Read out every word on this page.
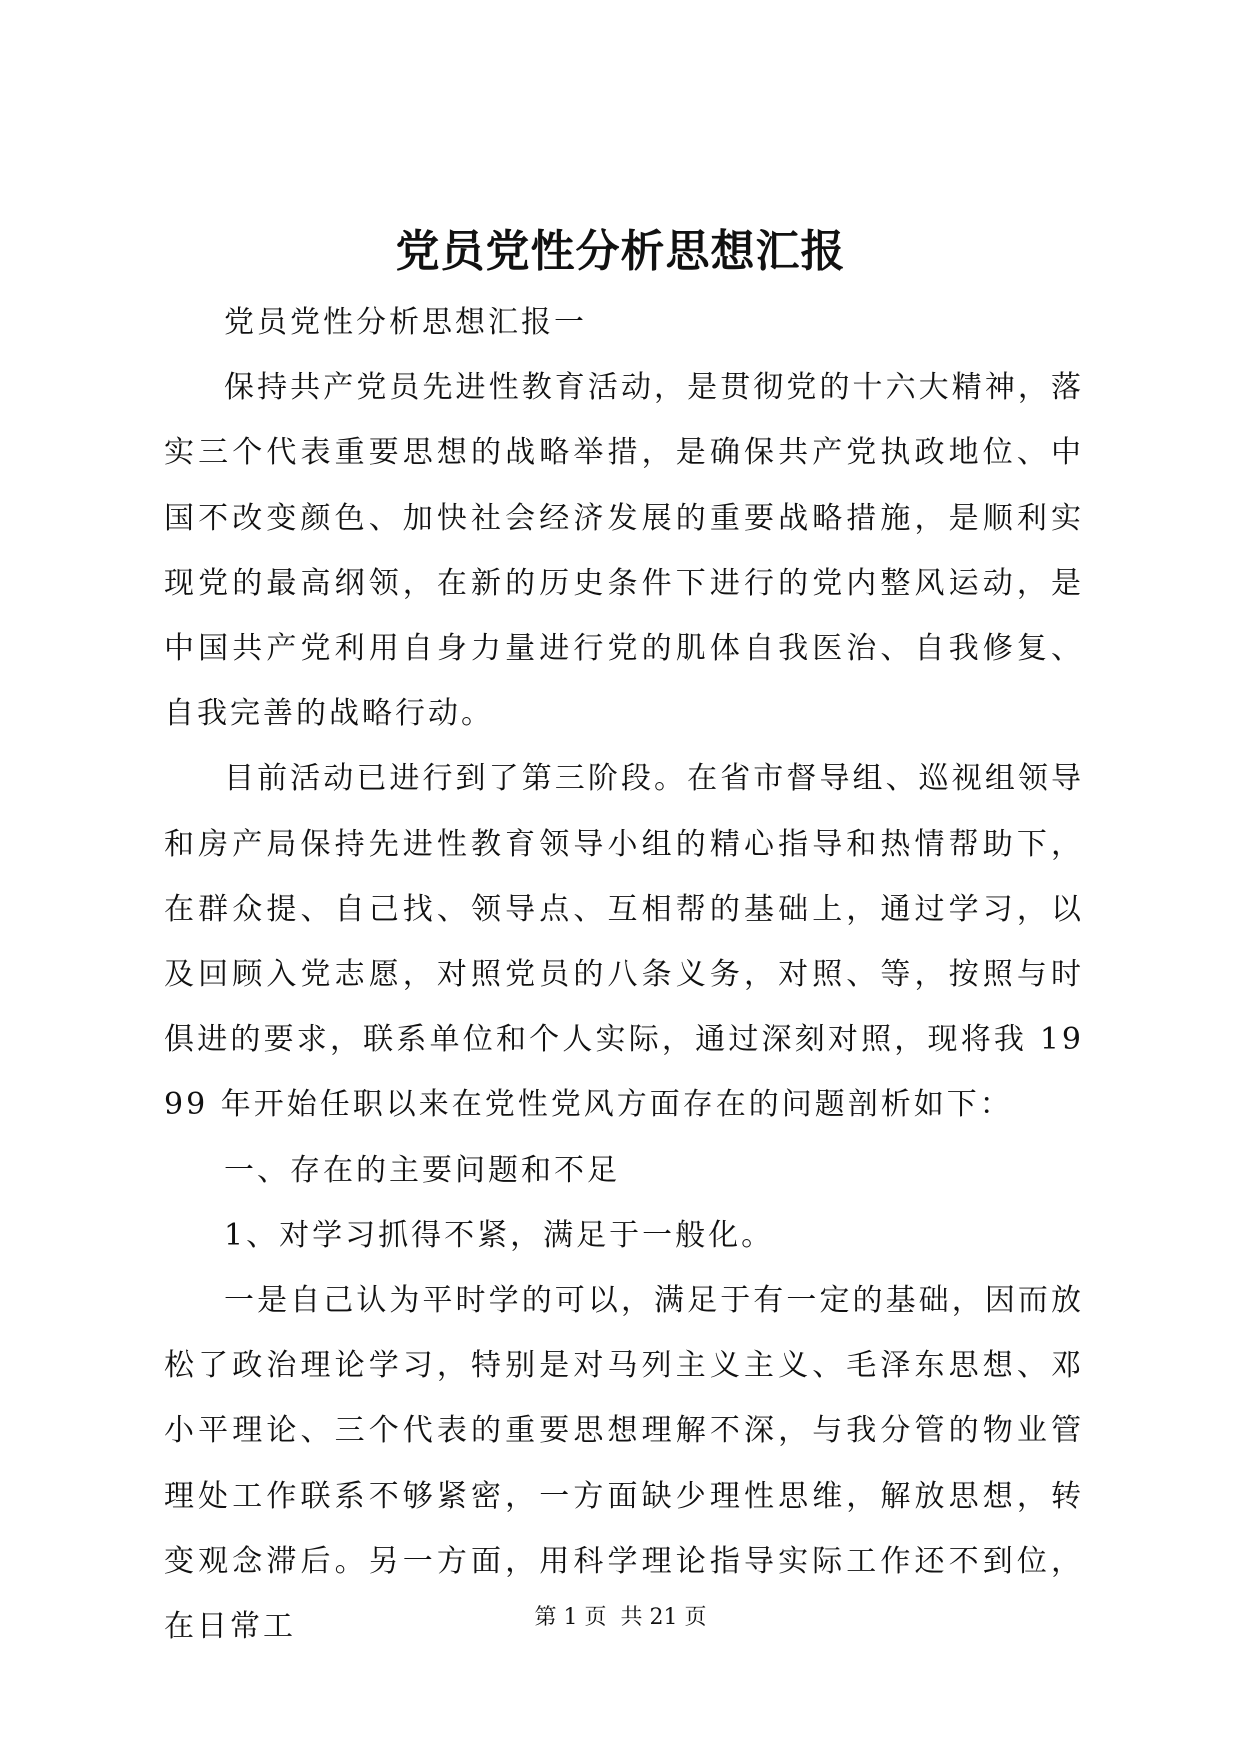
党员党性分析思想汇报

党员党性分析思想汇报一

保持共产党员先进性教育活动，是贯彻党的十六大精神，落实三个代表重要思想的战略举措，是确保共产党执政地位、中国不改变颜色、加快社会经济发展的重要战略措施，是顺利实现党的最高纲领，在新的历史条件下进行的党内整风运动，是中国共产党利用自身力量进行党的肌体自我医治、自我修复、自我完善的战略行动。

目前活动已进行到了第三阶段。在省市督导组、巡视组领导和房产局保持先进性教育领导小组的精心指导和热情帮助下，在群众提、自己找、领导点、互相帮的基础上，通过学习，以及回顾入党志愿，对照党员的八条义务，对照、等，按照与时俱进的要求，联系单位和个人实际，通过深刻对照，现将我 1999 年开始任职以来在党性党风方面存在的问题剖析如下：

一、存在的主要问题和不足

1、对学习抓得不紧，满足于一般化。

一是自己认为平时学的可以，满足于有一定的基础，因而放松了政治理论学习，特别是对马列主义主义、毛泽东思想、邓小平理论、三个代表的重要思想理解不深，与我分管的物业管理处工作联系不够紧密，一方面缺少理性思维，解放思想，转变观念滞后。另一方面，用科学理论指导实际工作还不到位，在日常工	第 1 页 共 21 页
